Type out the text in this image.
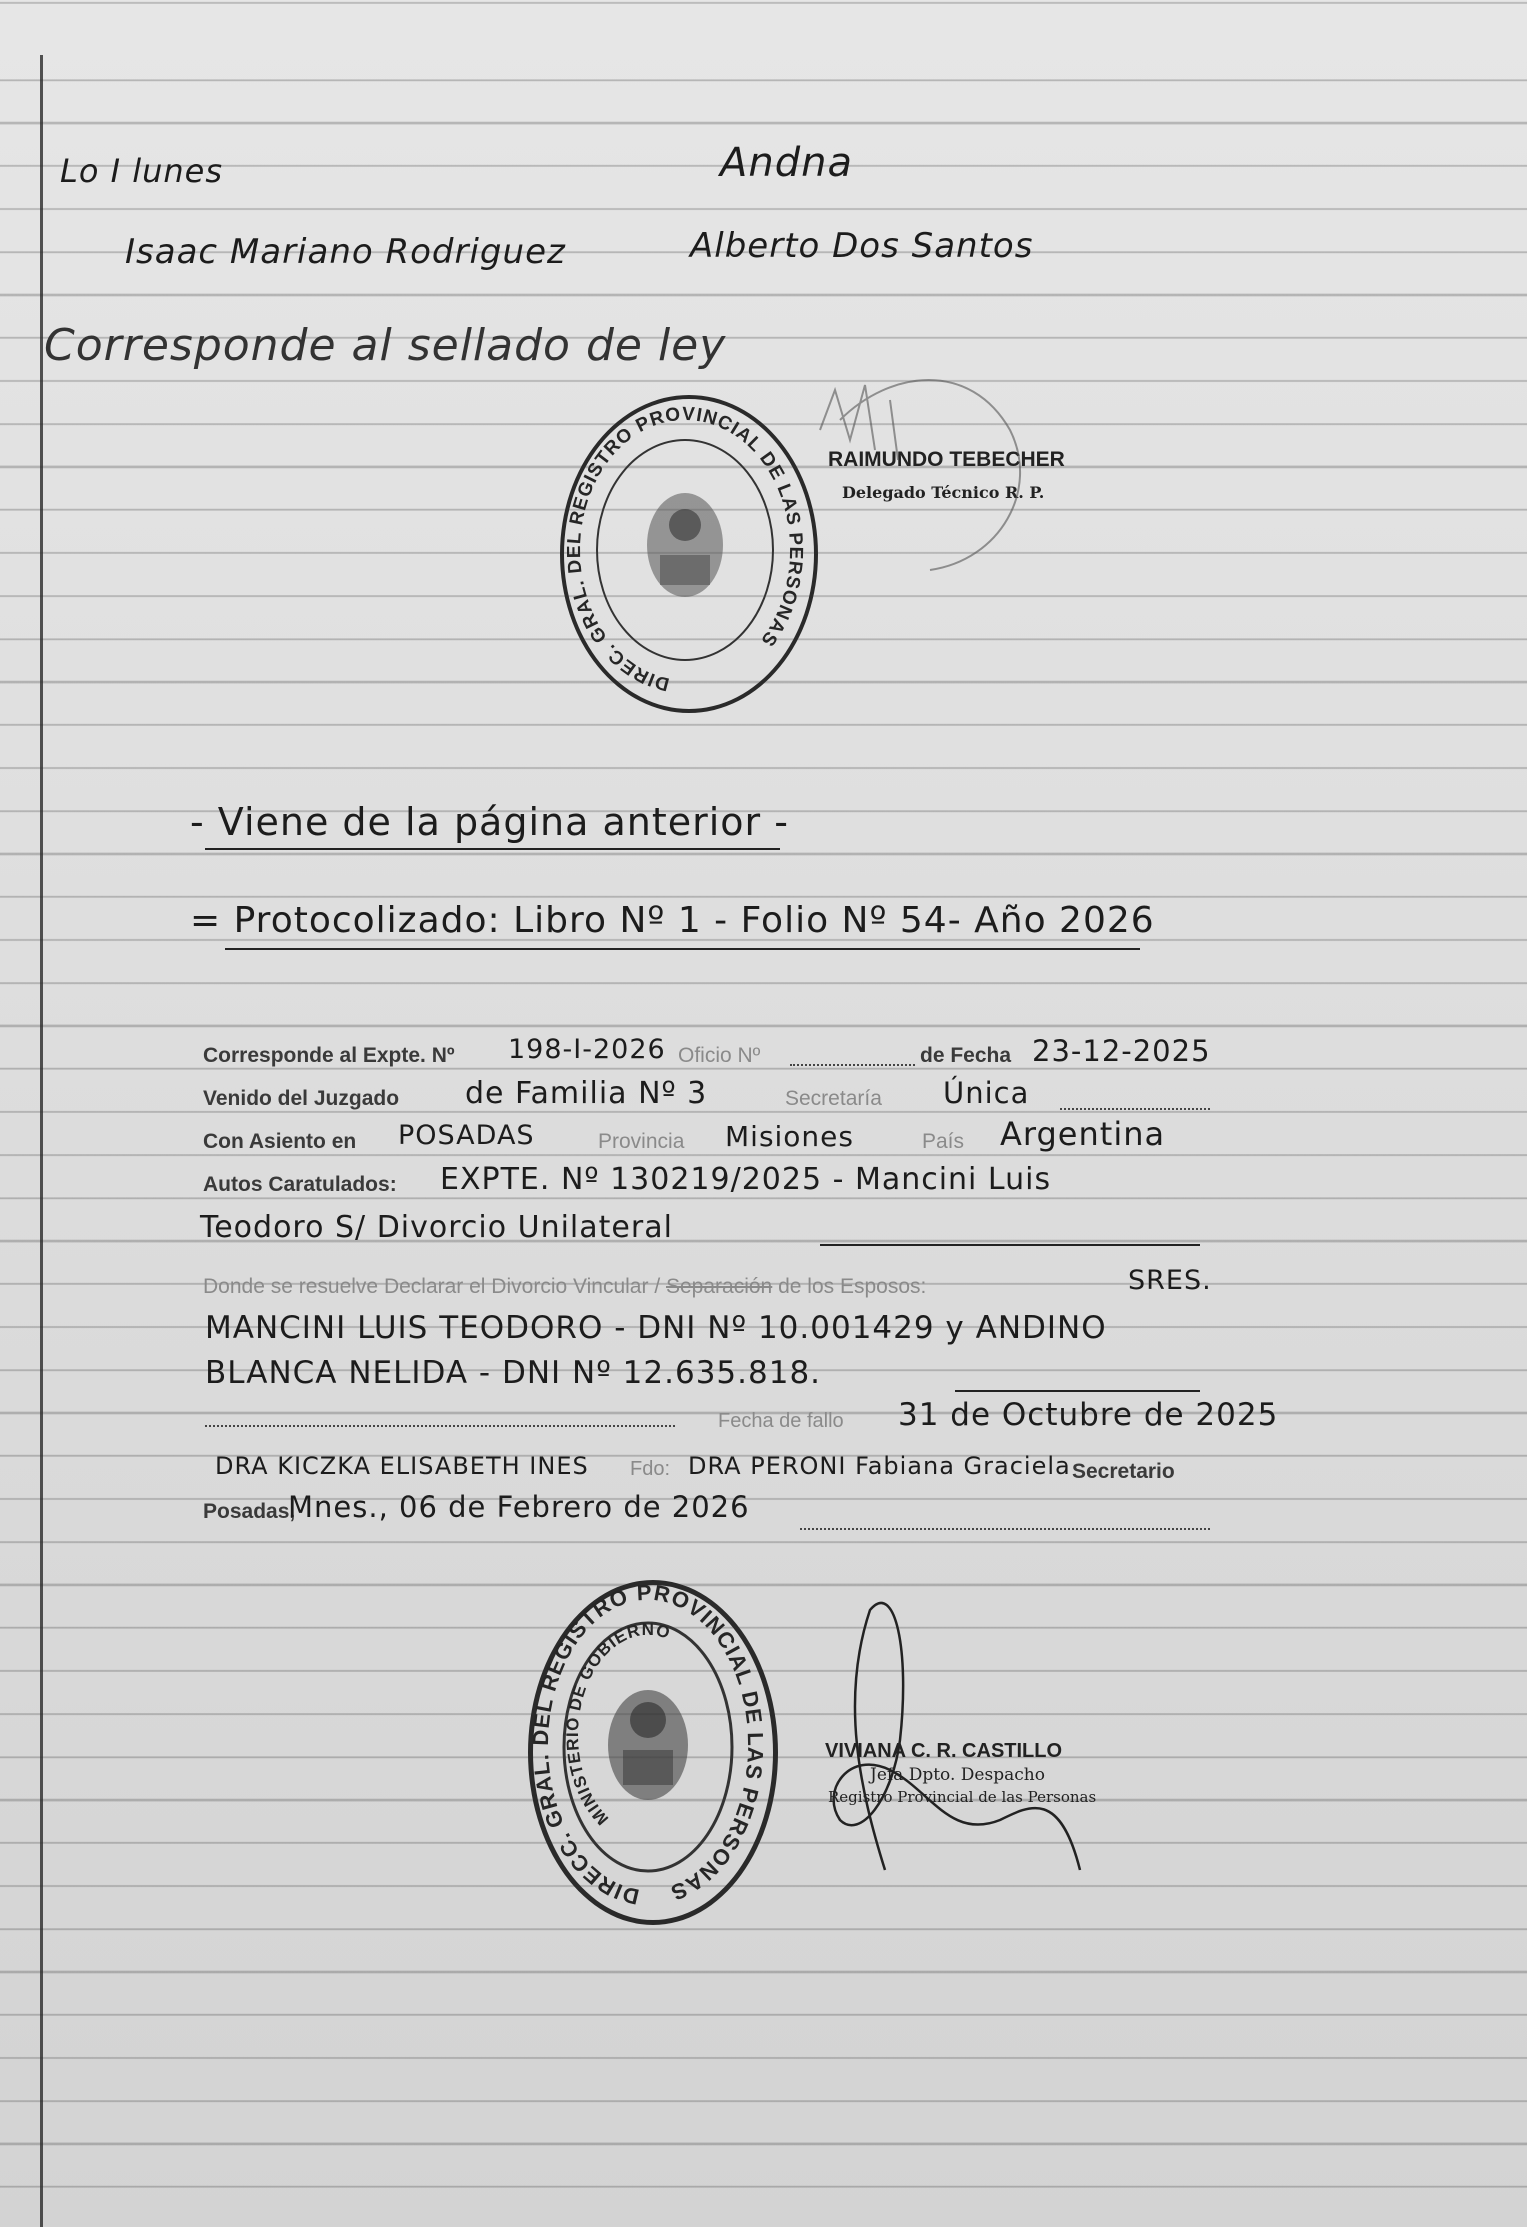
Lo I lunes	Andna
Isaac Mariano Rodriguez	Alberto Dos Santos
Corresponde al sellado de ley
DIREC. GRAL. DEL REGISTRO PROVINCIAL DE LAS PERSONAS
RAIMUNDO TEBECHER
Delegado Técnico R. P.
- Viene de la página anterior -
= Protocolizado: Libro Nº 1 - Folio Nº 54- Año 2026
Corresponde al Expte. Nº 198-I-2026 Oficio Nº	de Fecha 23-12-2025
Venido del Juzgado de Familia Nº 3	Secretaría Única
Con Asiento en POSADAS	Provincia Misiones	País Argentina
Autos Caratulados: EXPTE. Nº 130219/2025 - Mancini Luis
Teodoro S/ Divorcio Unilateral
Donde se resuelve Declarar el Divorcio Vincular / Separación de los Esposos:	SRES.
MANCINI LUIS TEODORO - DNI Nº 10.001429 y ANDINO
BLANCA NELIDA - DNI Nº 12.635.818.
Fecha de fallo 31 de Octubre de 2025
DRA KICZKA ELISABETH INES Fdo: DRA PERONI Fabiana Graciela Secretario
Posadas,
Mnes., 06 de Febrero de 2026
DIRECC. GRAL. DEL REGISTRO PROVINCIAL DE LAS PERSONAS
MINISTERIO DE GOBIERNO
VIVIANA C. R. CASTILLO
Jefa Dpto. Despacho
Registro Provincial de las Personas
